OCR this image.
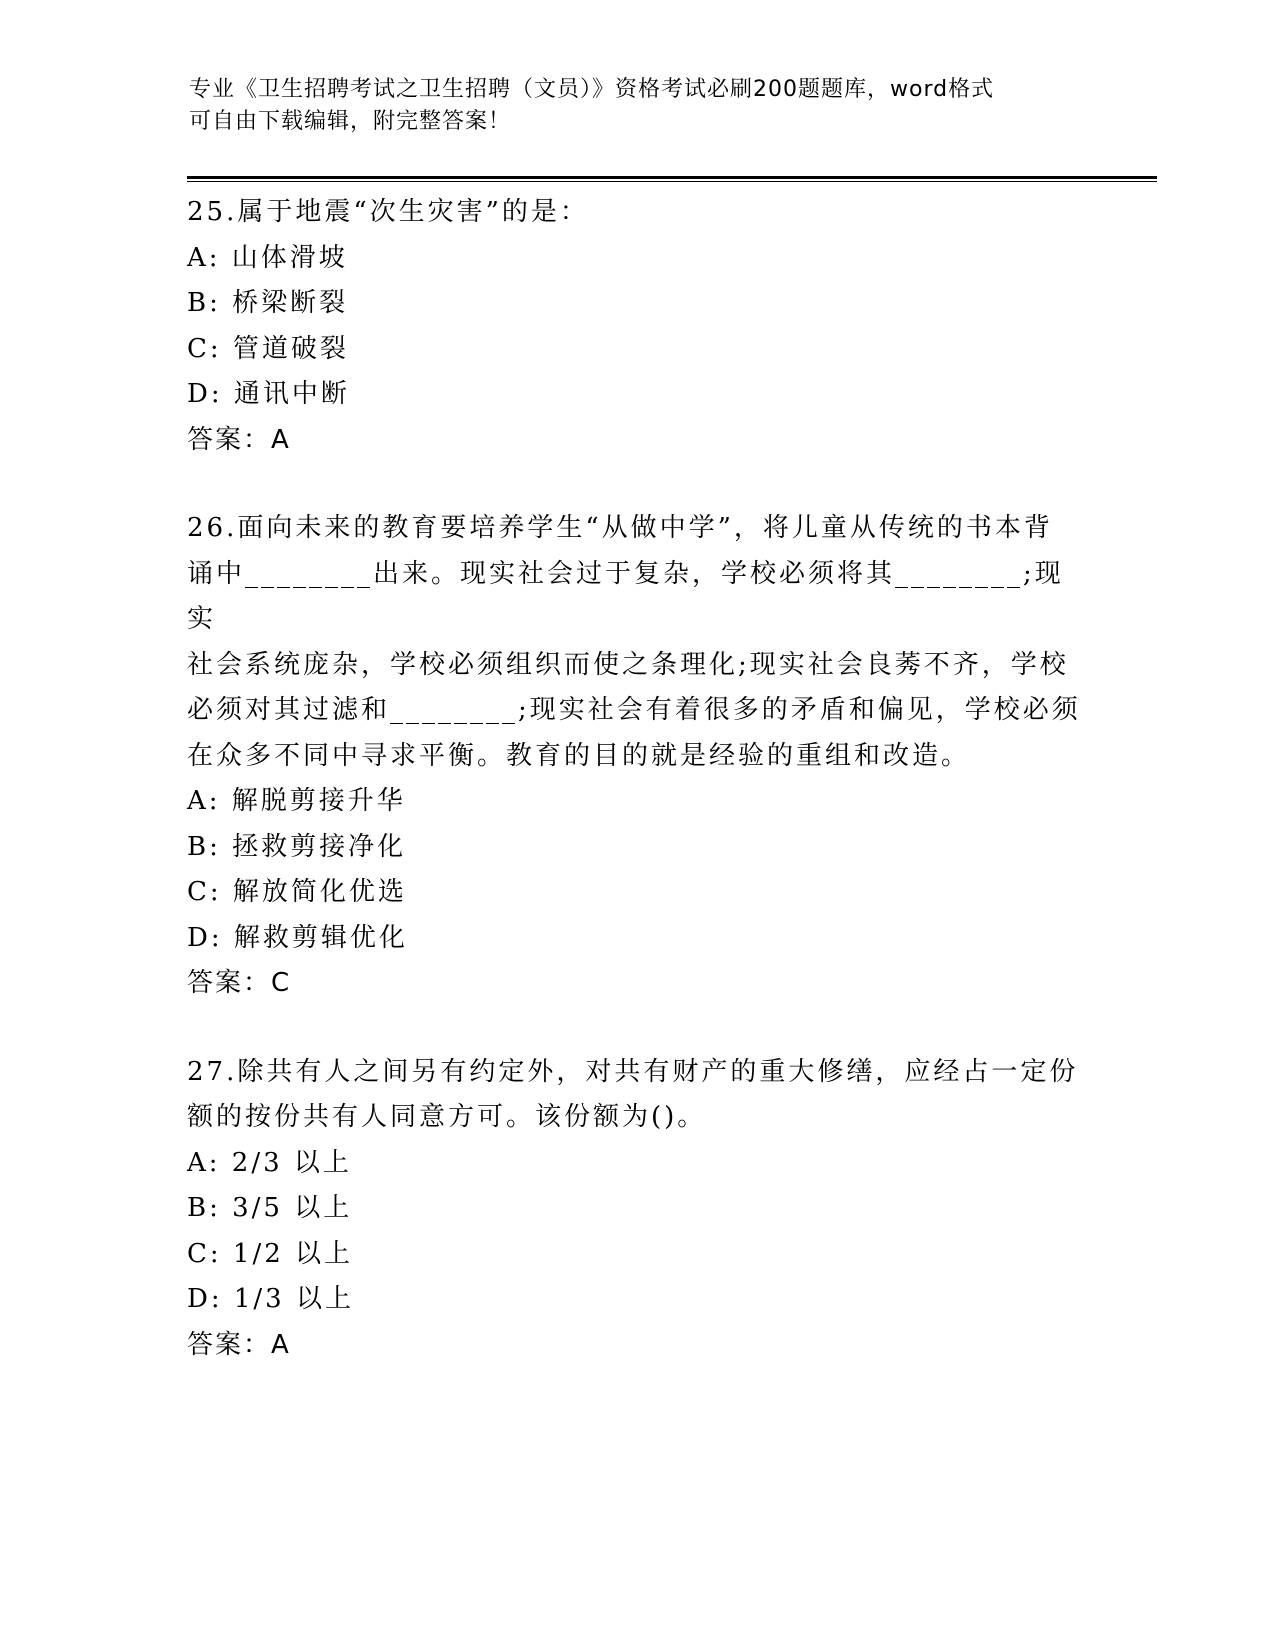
专业《卫生招聘考试之卫生招聘（文员）》资格考试必刷200题题库，word格式
可自由下载编辑，附完整答案！

25.属于地震“次生灾害”的是：

A: 山体滑坡

B: 桥梁断裂

C: 管道破裂

D: 通讯中断

答案：A

26.面向未来的教育要培养学生“从做中学”，将儿童从传统的书本背

诵中________出来。现实社会过于复杂，学校必须将其________;现实

社会系统庞杂，学校必须组织而使之条理化;现实社会良莠不齐，学校

必须对其过滤和________;现实社会有着很多的矛盾和偏见，学校必须

在众多不同中寻求平衡。教育的目的就是经验的重组和改造。

A: 解脱剪接升华

B: 拯救剪接净化

C: 解放简化优选

D: 解救剪辑优化

答案：C

27.除共有人之间另有约定外，对共有财产的重大修缮，应经占一定份

额的按份共有人同意方可。该份额为()。

A: 2/3 以上

B: 3/5 以上

C: 1/2 以上

D: 1/3 以上

答案：A
